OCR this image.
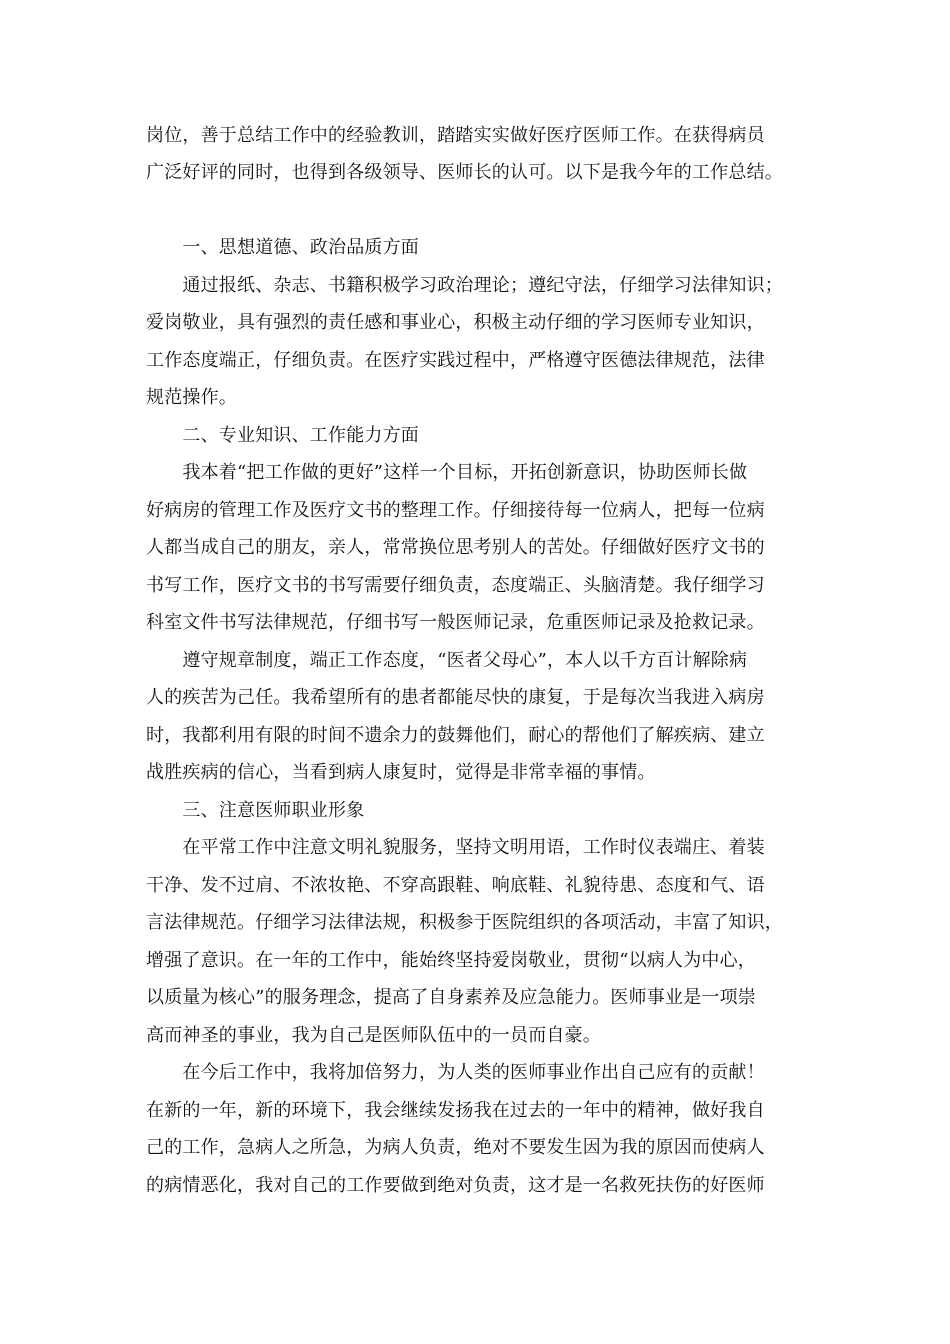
岗位，善于总结工作中的经验教训，踏踏实实做好医疗医师工作。在获得病员
广泛好评的同时，也得到各级领导、医师长的认可。以下是我今年的工作总结。
　　一、思想道德、政治品质方面
　　通过报纸、杂志、书籍积极学习政治理论；遵纪守法，仔细学习法律知识；
爱岗敬业，具有强烈的责任感和事业心，积极主动仔细的学习医师专业知识，
工作态度端正，仔细负责。在医疗实践过程中，严格遵守医德法律规范，法律
规范操作。
　　二、专业知识、工作能力方面
　　我本着“把工作做的更好”这样一个目标，开拓创新意识，协助医师长做
好病房的管理工作及医疗文书的整理工作。仔细接待每一位病人，把每一位病
人都当成自己的朋友，亲人，常常换位思考别人的苦处。仔细做好医疗文书的
书写工作，医疗文书的书写需要仔细负责，态度端正、头脑清楚。我仔细学习
科室文件书写法律规范，仔细书写一般医师记录，危重医师记录及抢救记录。
　　遵守规章制度，端正工作态度，“医者父母心”，本人以千方百计解除病
人的疾苦为己任。我希望所有的患者都能尽快的康复，于是每次当我进入病房
时，我都利用有限的时间不遗余力的鼓舞他们，耐心的帮他们了解疾病、建立
战胜疾病的信心，当看到病人康复时，觉得是非常幸福的事情。
　　三、注意医师职业形象
　　在平常工作中注意文明礼貌服务，坚持文明用语，工作时仪表端庄、着装
干净、发不过肩、不浓妆艳、不穿高跟鞋、响底鞋、礼貌待患、态度和气、语
言法律规范。仔细学习法律法规，积极参于医院组织的各项活动，丰富了知识，
增强了意识。在一年的工作中，能始终坚持爱岗敬业，贯彻“以病人为中心，
以质量为核心”的服务理念，提高了自身素养及应急能力。医师事业是一项崇
高而神圣的事业，我为自己是医师队伍中的一员而自豪。
　　在今后工作中，我将加倍努力，为人类的医师事业作出自己应有的贡献！
在新的一年，新的环境下，我会继续发扬我在过去的一年中的精神，做好我自
己的工作，急病人之所急，为病人负责，绝对不要发生因为我的原因而使病人
的病情恶化，我对自己的工作要做到绝对负责，这才是一名救死扶伤的好医师
